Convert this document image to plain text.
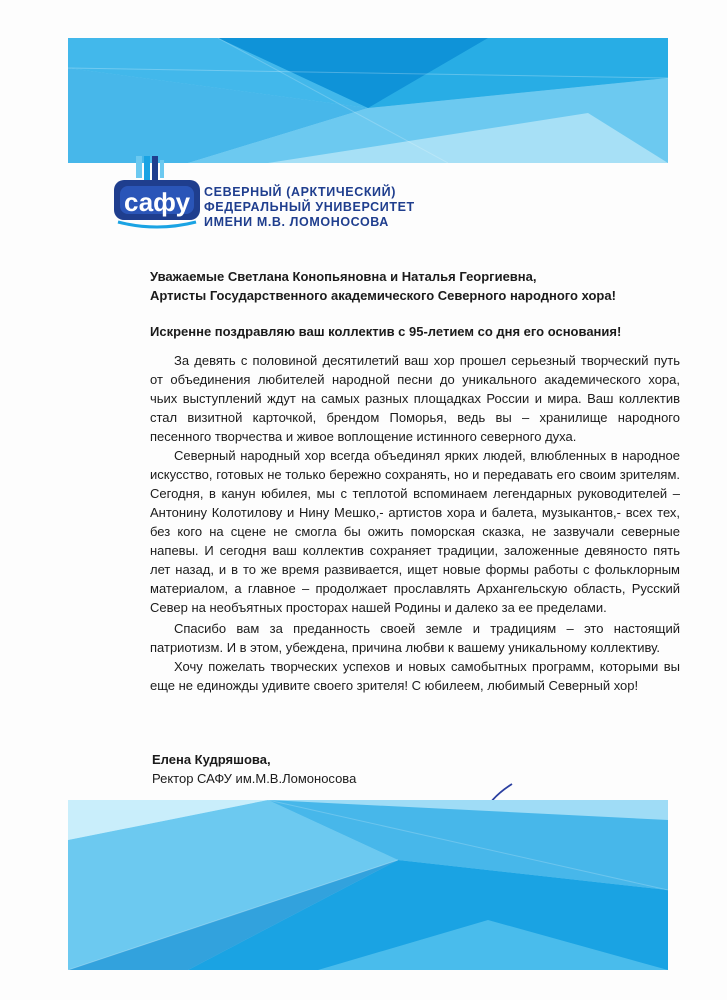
сафу СЕВЕРНЫЙ (АРКТИЧЕСКИЙ)
ФЕДЕРАЛЬНЫЙ УНИВЕРСИТЕТ
ИМЕНИ М.В. ЛОМОНОСОВА

Уважаемые Светлана Конопьяновна и Наталья Георгиевна,
Артисты Государственного академического Северного народного хора!

Искренне поздравляю ваш коллектив с 95-летием со дня его основания!

За девять с половиной десятилетий ваш хор прошел серьезный творческий путь от объединения любителей народной песни до уникального академического хора, чьих выступлений ждут на самых разных площадках России и мира. Ваш коллектив стал визитной карточкой, брендом Поморья, ведь вы – хранилище народного песенного творчества и живое воплощение истинного северного духа.

Северный народный хор всегда объединял ярких людей, влюбленных в народное искусство, готовых не только бережно сохранять, но и передавать его своим зрителям. Сегодня, в канун юбилея, мы с теплотой вспоминаем легендарных руководителей – Антонину Колотилову и Нину Мешко,- артистов хора и балета, музыкантов,- всех тех, без кого на сцене не смогла бы ожить поморская сказка, не зазвучали северные напевы. И сегодня ваш коллектив сохраняет традиции, заложенные девяносто пять лет назад, и в то же время развивается, ищет новые формы работы с фольклорным материалом, а главное – продолжает прославлять Архангельскую область, Русский Север на необъятных просторах нашей Родины и далеко за ее пределами.

Спасибо вам за преданность своей земле и традициям – это настоящий патриотизм. И в этом, убеждена, причина любви к вашему уникальному коллективу.

Хочу пожелать творческих успехов и новых самобытных программ, которыми вы еще не единожды удивите своего зрителя! С юбилеем, любимый Северный хор!

Елена Кудряшова,

Ректор САФУ им.М.В.Ломоносова
